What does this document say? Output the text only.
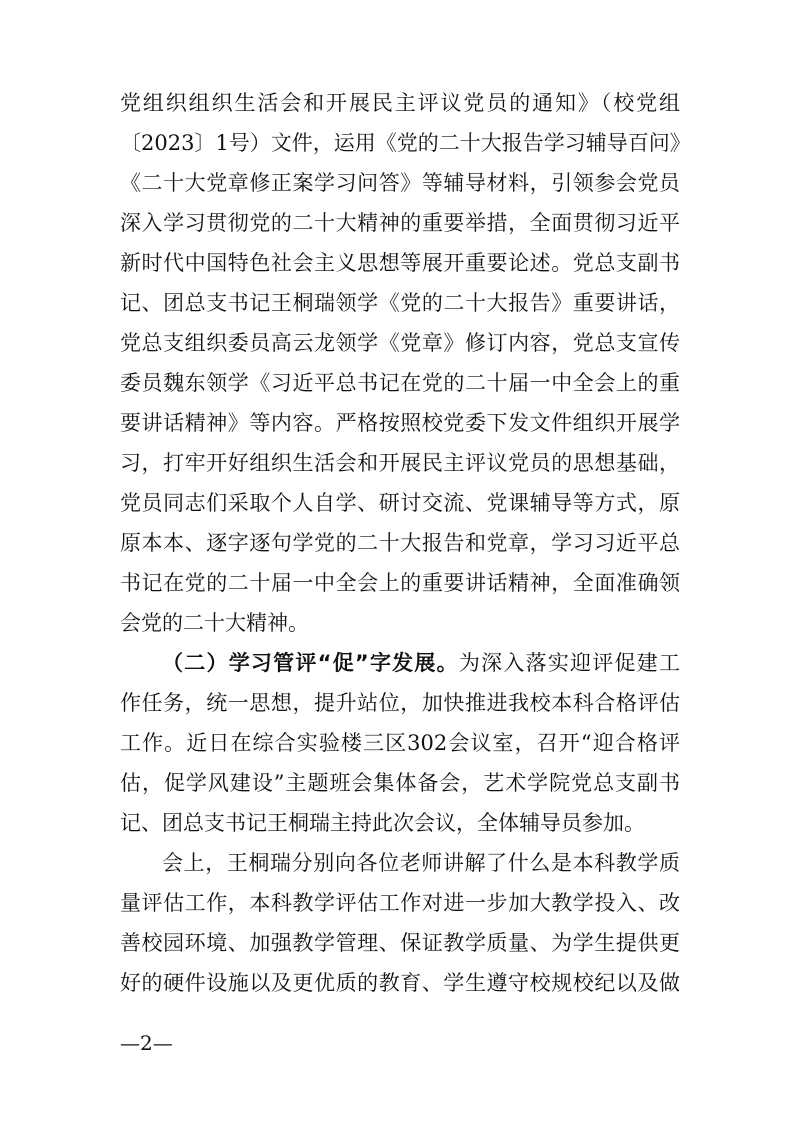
党组织组织生活会和开展民主评议党员的通知》（校党组
〔2023〕1号）文件，运用《党的二十大报告学习辅导百问》
《二十大党章修正案学习问答》等辅导材料，引领参会党员
深入学习贯彻党的二十大精神的重要举措，全面贯彻习近平
新时代中国特色社会主义思想等展开重要论述。党总支副书
记、团总支书记王桐瑞领学《党的二十大报告》重要讲话，
党总支组织委员高云龙领学《党章》修订内容，党总支宣传
委员魏东领学《习近平总书记在党的二十届一中全会上的重
要讲话精神》等内容。严格按照校党委下发文件组织开展学
习，打牢开好组织生活会和开展民主评议党员的思想基础，
党员同志们采取个人自学、研讨交流、党课辅导等方式，原
原本本、逐字逐句学党的二十大报告和党章，学习习近平总
书记在党的二十届一中全会上的重要讲话精神，全面准确领
会党的二十大精神。
（二）学习管评“促”字发展。为深入落实迎评促建工
作任务，统一思想，提升站位，加快推进我校本科合格评估
工作。近日在综合实验楼三区302会议室，召开“迎合格评
估，促学风建设”主题班会集体备会，艺术学院党总支副书
记、团总支书记王桐瑞主持此次会议，全体辅导员参加。
会上，王桐瑞分别向各位老师讲解了什么是本科教学质
量评估工作，本科教学评估工作对进一步加大教学投入、改
善校园环境、加强教学管理、保证教学质量、为学生提供更
好的硬件设施以及更优质的教育、学生遵守校规校纪以及做
—2—
